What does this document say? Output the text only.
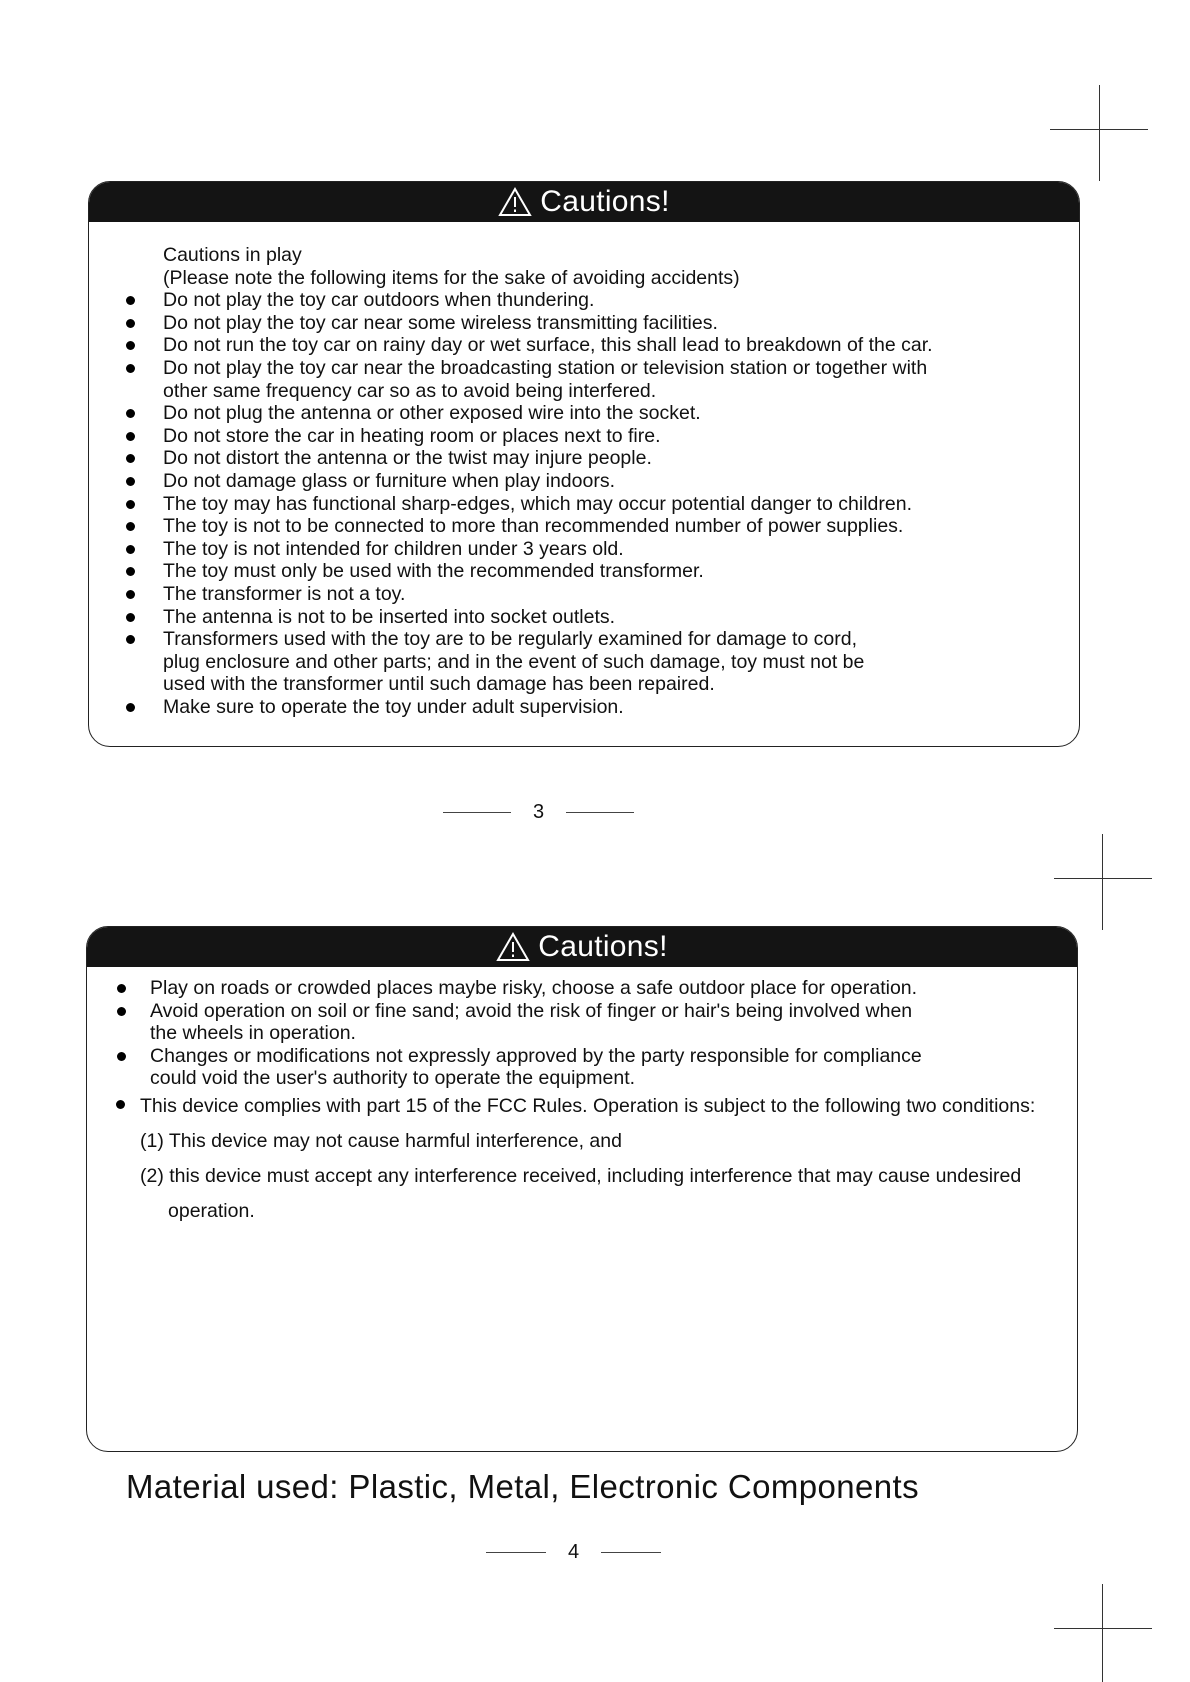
Cautions!
Cautions in play
(Please note the following items for the sake of avoiding accidents)
Do not play the toy car outdoors when thundering.
Do not play the toy car near some wireless transmitting facilities.
Do not run the toy car on rainy day or wet surface, this shall lead to breakdown of the car.
Do not play the toy car near the broadcasting station or television station or together with
other same frequency car so as to avoid being interfered.
Do not plug the antenna or other exposed wire into the socket.
Do not store the car in heating room or places next to fire.
Do not distort the antenna or the twist may injure people.
Do not damage glass or furniture when play indoors.
The toy may has functional sharp-edges, which may occur potential danger to children.
The toy is not to be connected to more than recommended number of power supplies.
The toy is not intended for children under 3 years old.
The toy must only be used with the recommended transformer.
The transformer is not a toy.
The antenna is not to be inserted into socket outlets.
Transformers used with the toy are to be regularly examined for damage to cord,
plug enclosure and other parts; and in the event of such damage, toy must not be
used with the transformer until such damage has been repaired.
Make sure to operate the toy under adult supervision.
3
Cautions!
Play on roads or crowded places maybe risky, choose a safe outdoor place for operation.
Avoid operation on soil or fine sand; avoid the risk of finger or hair's being involved when
the wheels in operation.
Changes or modifications not expressly approved by the party responsible for compliance
could void the user's authority to operate the equipment.
This device complies with part 15 of the FCC Rules. Operation is subject to the following two conditions:
(1) This device may not cause harmful interference, and
(2) this device must accept any interference received, including interference that may cause undesired
operation.
Material used: Plastic, Metal, Electronic Components
4
